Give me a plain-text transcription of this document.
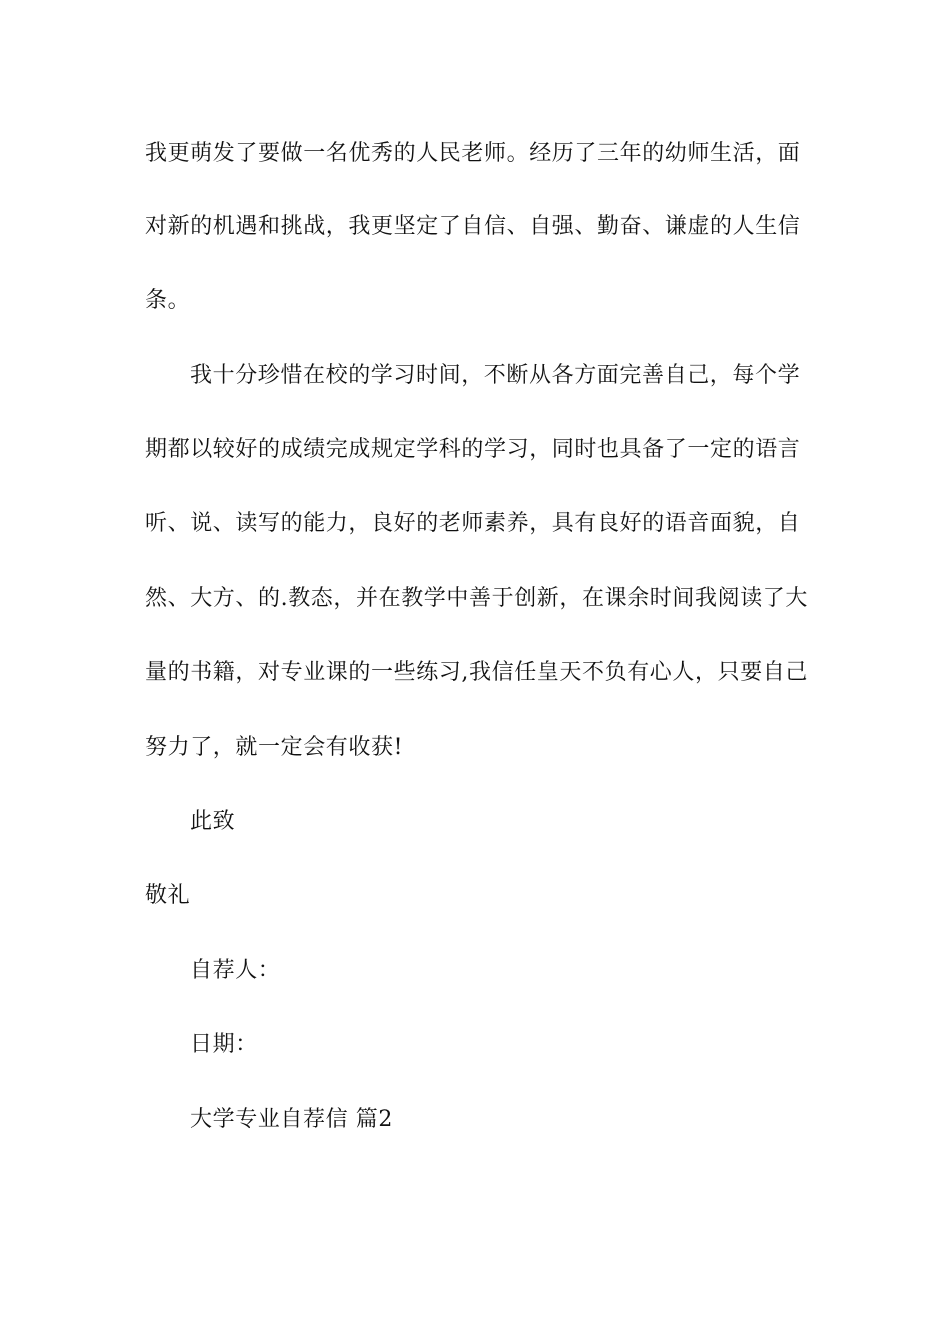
我更萌发了要做一名优秀的人民老师。经历了三年的幼师生活，面
对新的机遇和挑战，我更坚定了自信、自强、勤奋、谦虚的人生信
条。
我十分珍惜在校的学习时间，不断从各方面完善自己，每个学
期都以较好的成绩完成规定学科的学习，同时也具备了一定的语言
听、说、读写的能力，良好的老师素养，具有良好的语音面貌，自
然、大方、的.教态，并在教学中善于创新，在课余时间我阅读了大
量的书籍，对专业课的一些练习,我信任皇天不负有心人，只要自己
努力了，就一定会有收获!
此致
敬礼
自荐人：
日期：
大学专业自荐信 篇2
